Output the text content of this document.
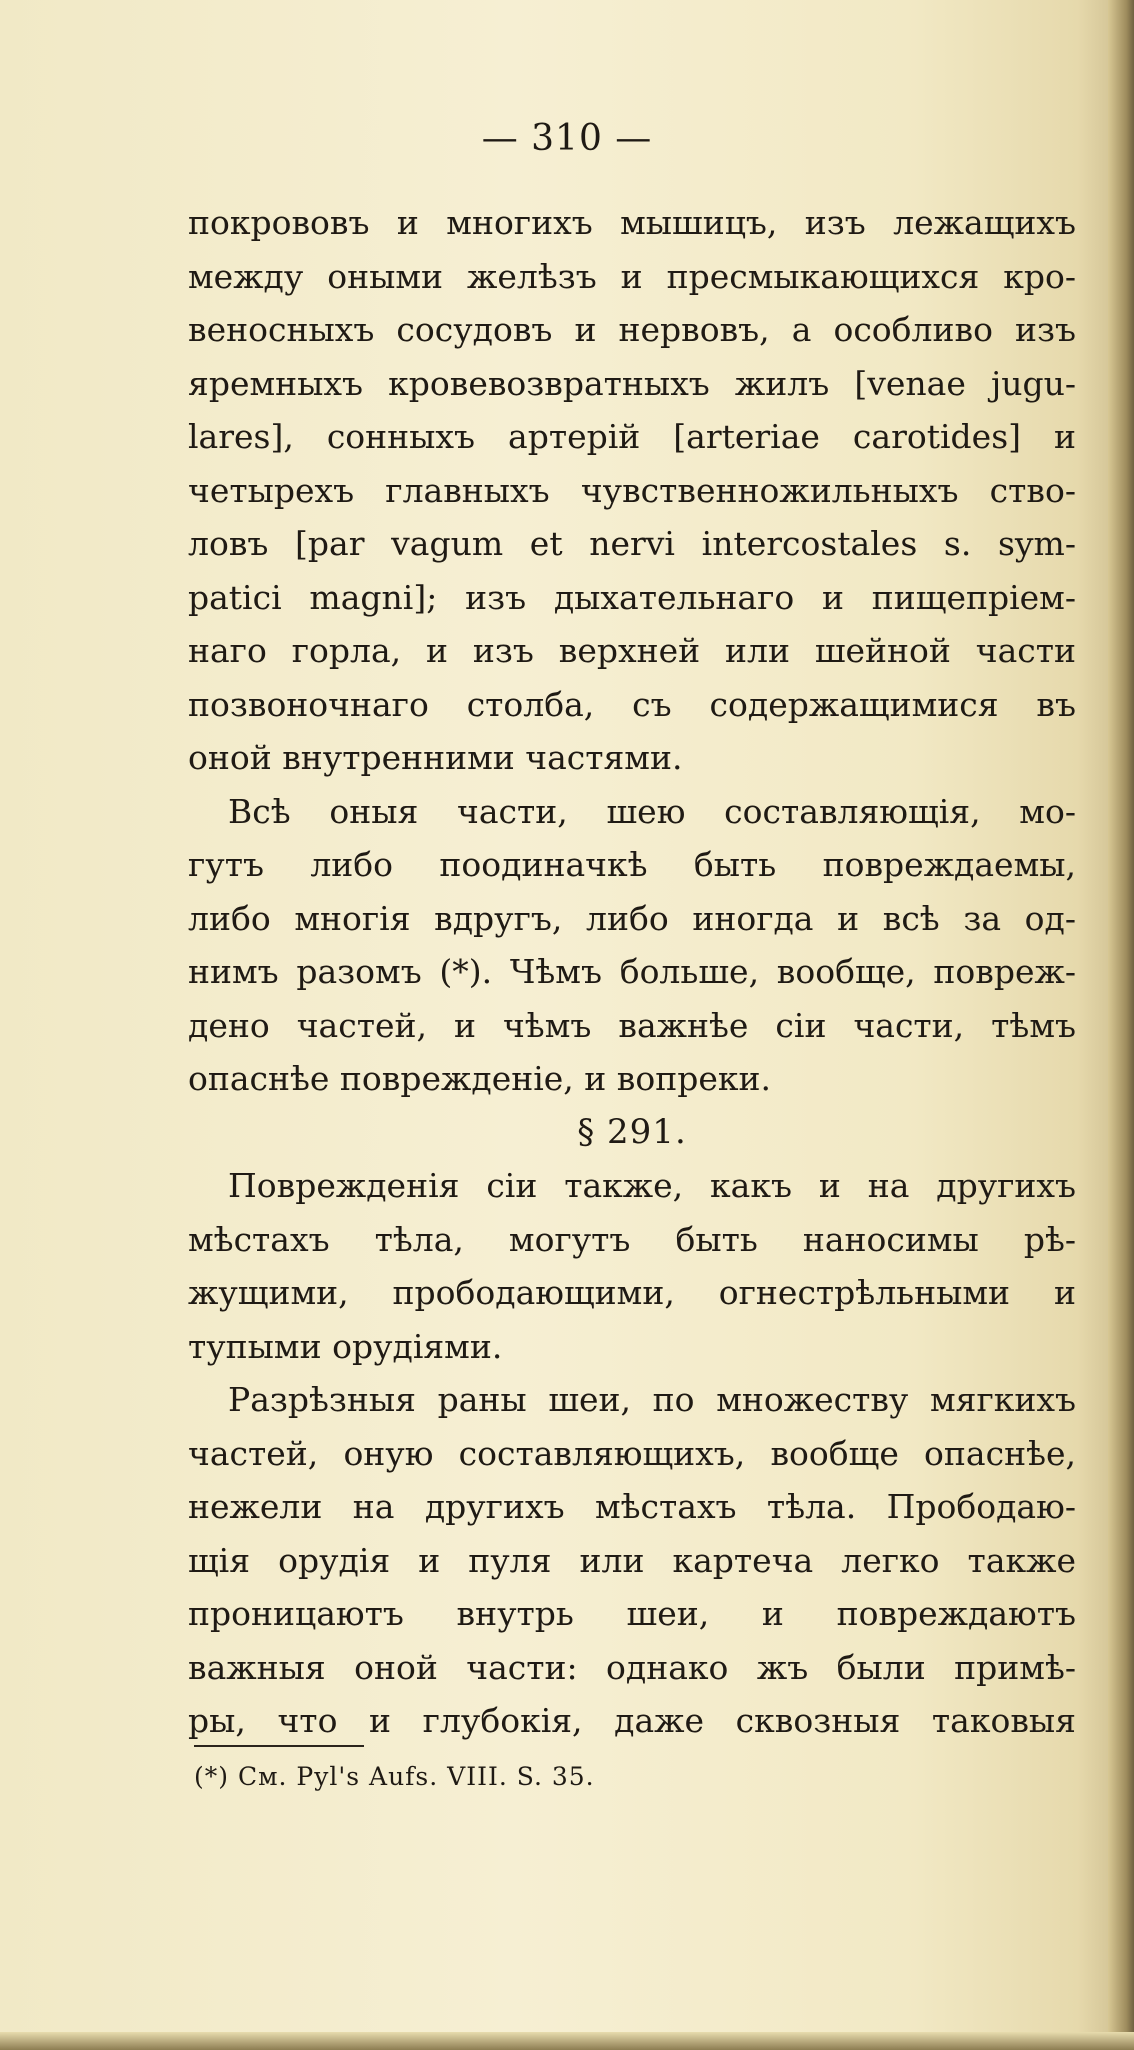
— 310 —

покрововъ и многихъ мышицъ, изъ лежащихъ
между оными желѣзъ и пресмыкающихся кро-
веносныхъ сосудовъ и нервовъ, а особливо изъ
яремныхъ кровевозвратныхъ жилъ [venae jugu-
lares], сонныхъ артерій [arteriae carotides] и
четырехъ главныхъ чувственножильныхъ ство-
ловъ [par vagum et nervi intercostales s. sym-
patici magni]; изъ дыхательнаго и пищепріем-
наго горла, и изъ верхней или шейной части
позвоночнаго столба, съ содержащимися въ
оной внутренними частями.

Всѣ оныя части, шею составляющія, мо-
гутъ либо поодиначкѣ быть повреждаемы,
либо многія вдругъ, либо иногда и всѣ за од-
нимъ разомъ (*). Чѣмъ больше, вообще, повреж-
дено частей, и чѣмъ важнѣе сіи части, тѣмъ
опаснѣе поврежденіе, и вопреки.

§ 291.

Поврежденія сіи также, какъ и на другихъ
мѣстахъ тѣла, могутъ быть наносимы рѣ-
жущими, прободающими, огнестрѣльными и
тупыми орудіями.

Разрѣзныя раны шеи, по множеству мягкихъ
частей, оную составляющихъ, вообще опаснѣе,
нежели на другихъ мѣстахъ тѣла. Прободаю-
щія орудія и пуля или картеча легко также
проницаютъ внутрь шеи, и повреждаютъ
важныя оной части: однако жъ были примѣ-
ры, что и глубокія, даже сквозныя таковыя

(*) См. Pyl's Aufs. VIII. S. 35.
